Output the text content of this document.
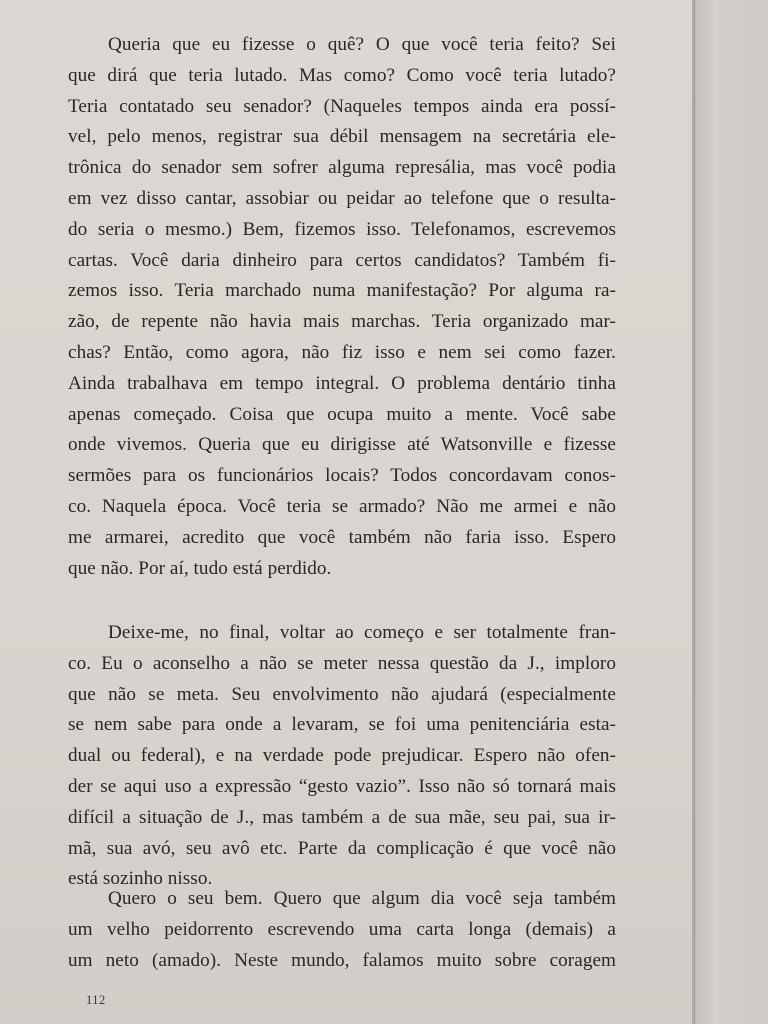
Queria que eu fizesse o quê? O que você teria feito? Sei
que dirá que teria lutado. Mas como? Como você teria lutado?
Teria contatado seu senador? (Naqueles tempos ainda era possí-
vel, pelo menos, registrar sua débil mensagem na secretária ele-
trônica do senador sem sofrer alguma represália, mas você podia
em vez disso cantar, assobiar ou peidar ao telefone que o resulta-
do seria o mesmo.) Bem, fizemos isso. Telefonamos, escrevemos
cartas. Você daria dinheiro para certos candidatos? Também fi-
zemos isso. Teria marchado numa manifestação? Por alguma ra-
zão, de repente não havia mais marchas. Teria organizado mar-
chas? Então, como agora, não fiz isso e nem sei como fazer.
Ainda trabalhava em tempo integral. O problema dentário tinha
apenas começado. Coisa que ocupa muito a mente. Você sabe
onde vivemos. Queria que eu dirigisse até Watsonville e fizesse
sermões para os funcionários locais? Todos concordavam conos-
co. Naquela época. Você teria se armado? Não me armei e não
me armarei, acredito que você também não faria isso. Espero
que não. Por aí, tudo está perdido.
Deixe-me, no final, voltar ao começo e ser totalmente fran-
co. Eu o aconselho a não se meter nessa questão da J., imploro
que não se meta. Seu envolvimento não ajudará (especialmente
se nem sabe para onde a levaram, se foi uma penitenciária esta-
dual ou federal), e na verdade pode prejudicar. Espero não ofen-
der se aqui uso a expressão “gesto vazio”. Isso não só tornará mais
difícil a situação de J., mas também a de sua mãe, seu pai, sua ir-
mã, sua avó, seu avô etc. Parte da complicação é que você não
está sozinho nisso.
Quero o seu bem. Quero que algum dia você seja também
um velho peidorrento escrevendo uma carta longa (demais) a
um neto (amado). Neste mundo, falamos muito sobre coragem
112
